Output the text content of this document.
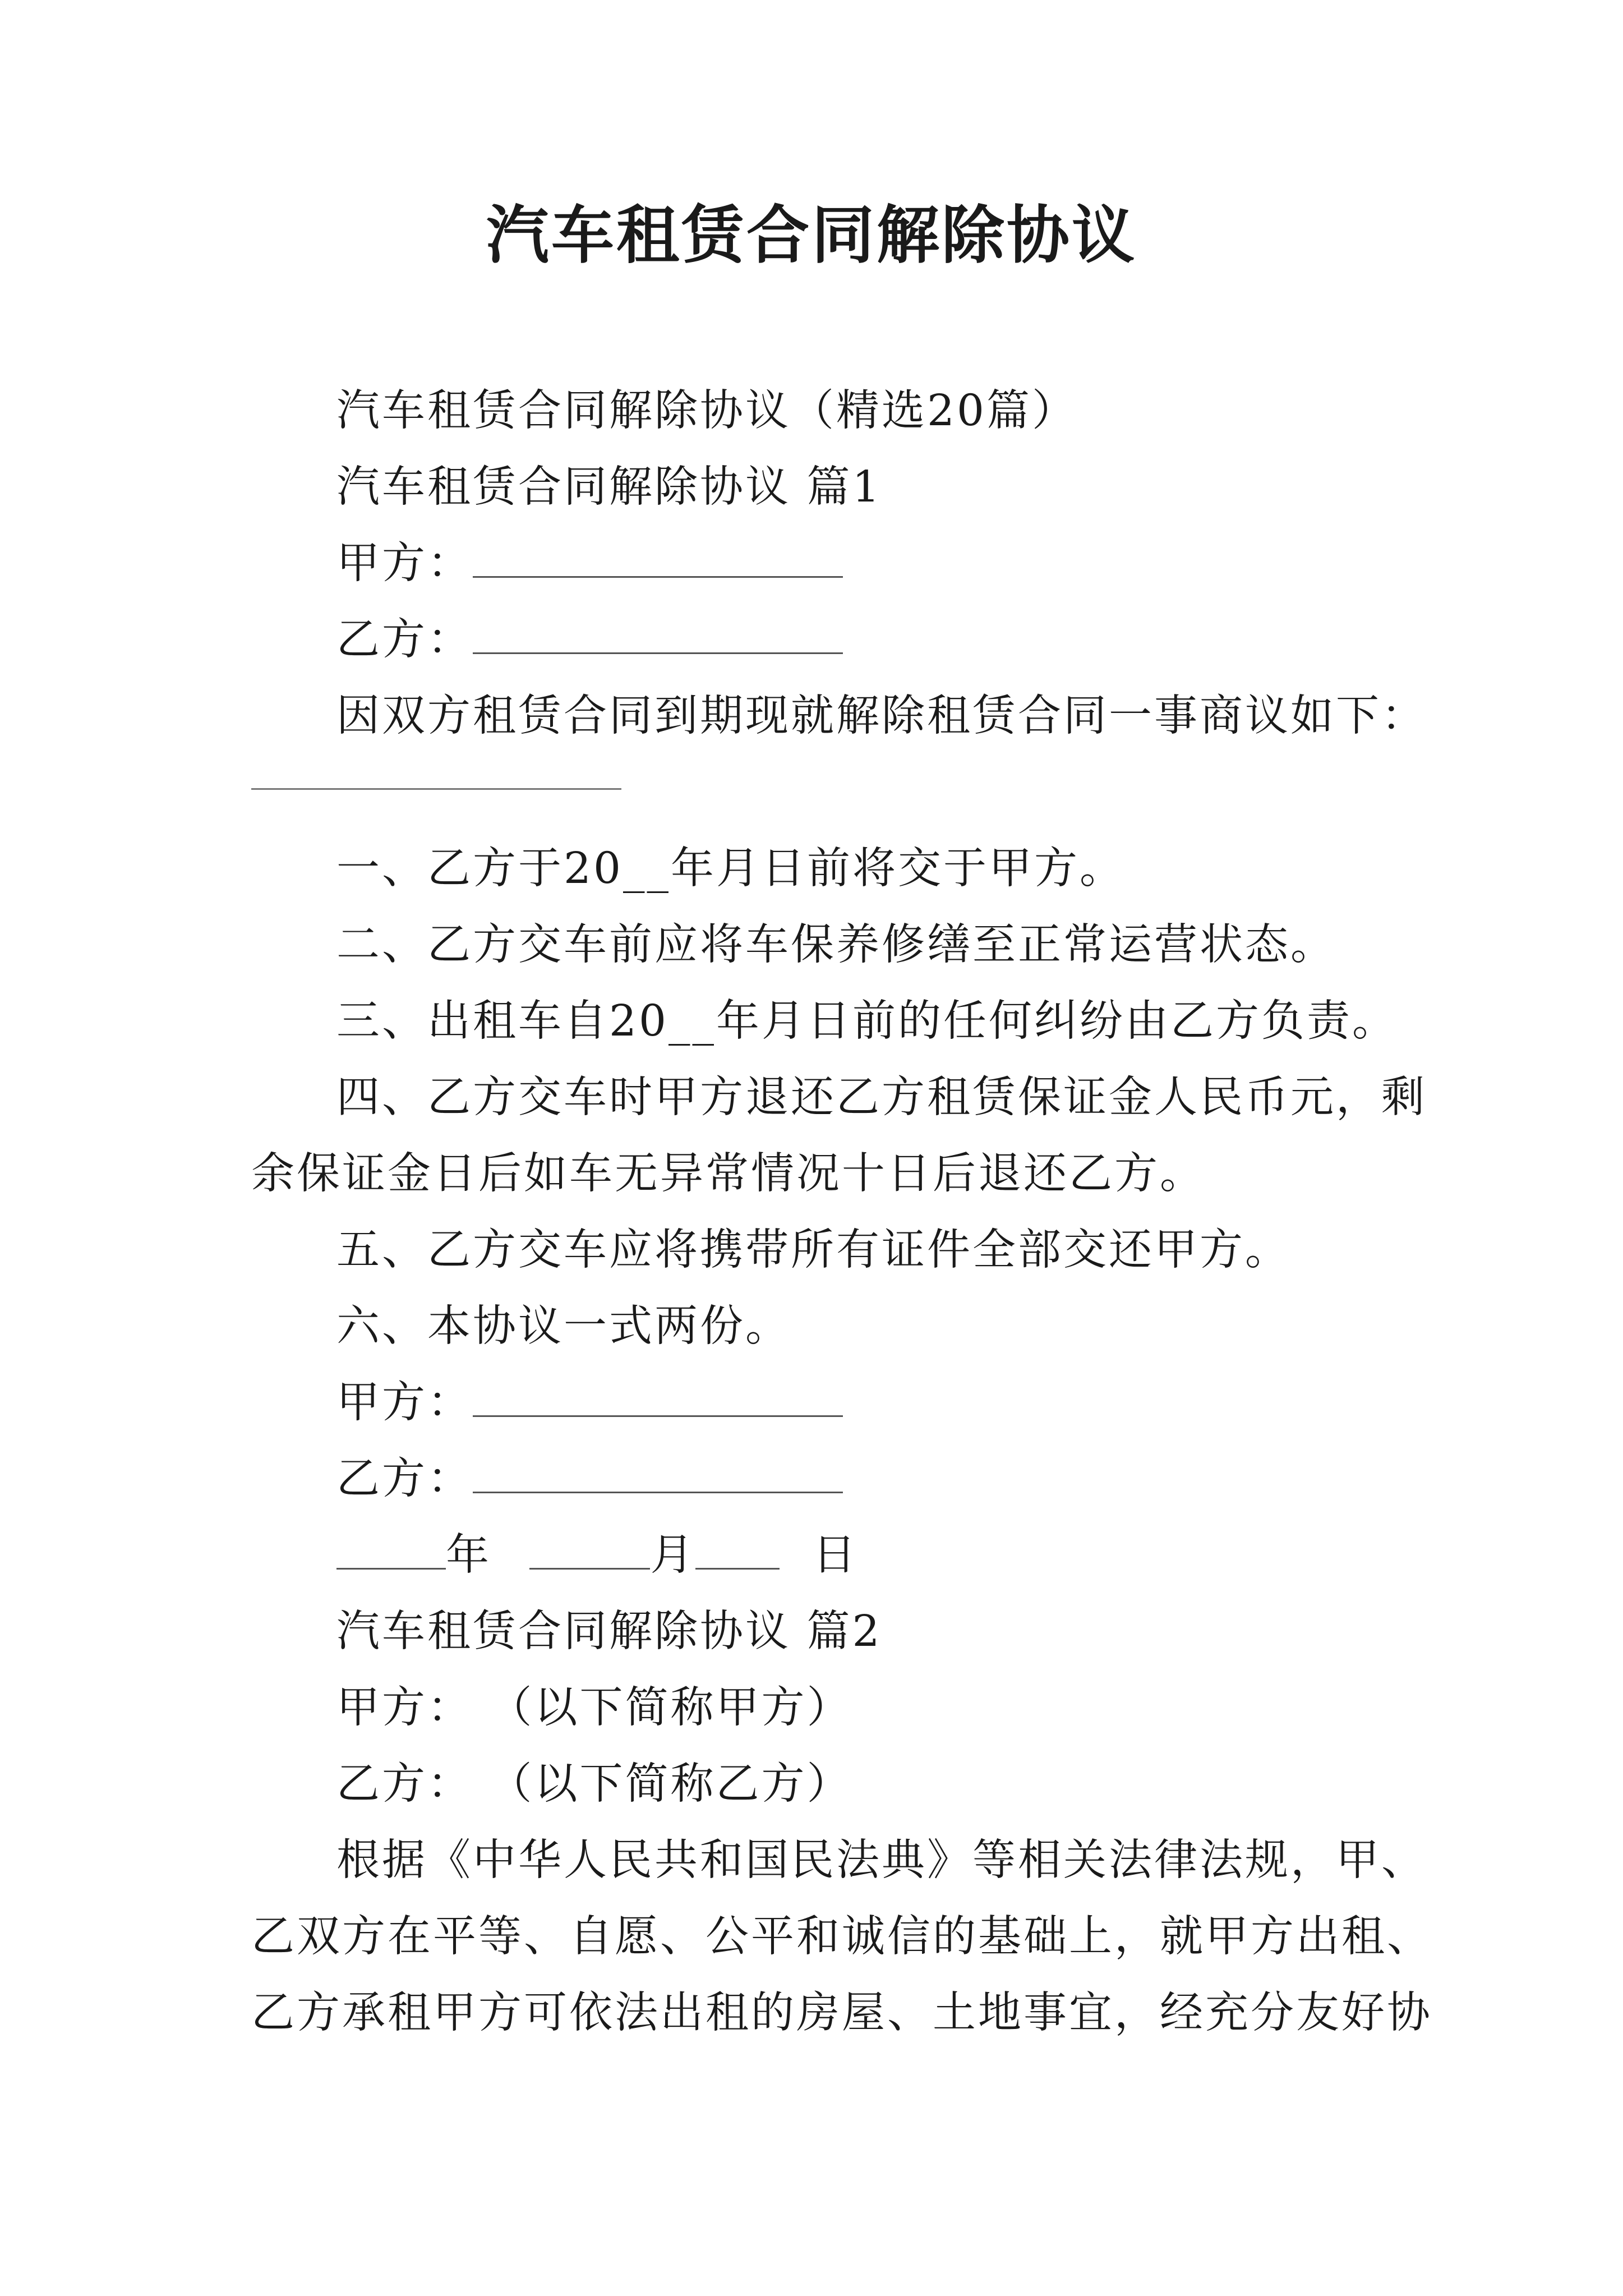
汽车租赁合同解除协议
汽车租赁合同解除协议（精选20篇）
汽车租赁合同解除协议 篇1
甲方：
乙方：
因双方租赁合同到期现就解除租赁合同一事商议如下：
一、乙方于20__年月日前将交于甲方。
二、乙方交车前应将车保养修缮至正常运营状态。
三、出租车自20__年月日前的任何纠纷由乙方负责。
四、乙方交车时甲方退还乙方租赁保证金人民币元，剩
余保证金日后如车无异常情况十日后退还乙方。
五、乙方交车应将携带所有证件全部交还甲方。
六、本协议一式两份。
甲方：
乙方：
年	月	日
汽车租赁合同解除协议 篇2
甲方： （以下简称甲方）
乙方： （以下简称乙方）
根据《中华人民共和国民法典》等相关法律法规，甲、
乙双方在平等、自愿、公平和诚信的基础上，就甲方出租、
乙方承租甲方可依法出租的房屋、土地事宜，经充分友好协
